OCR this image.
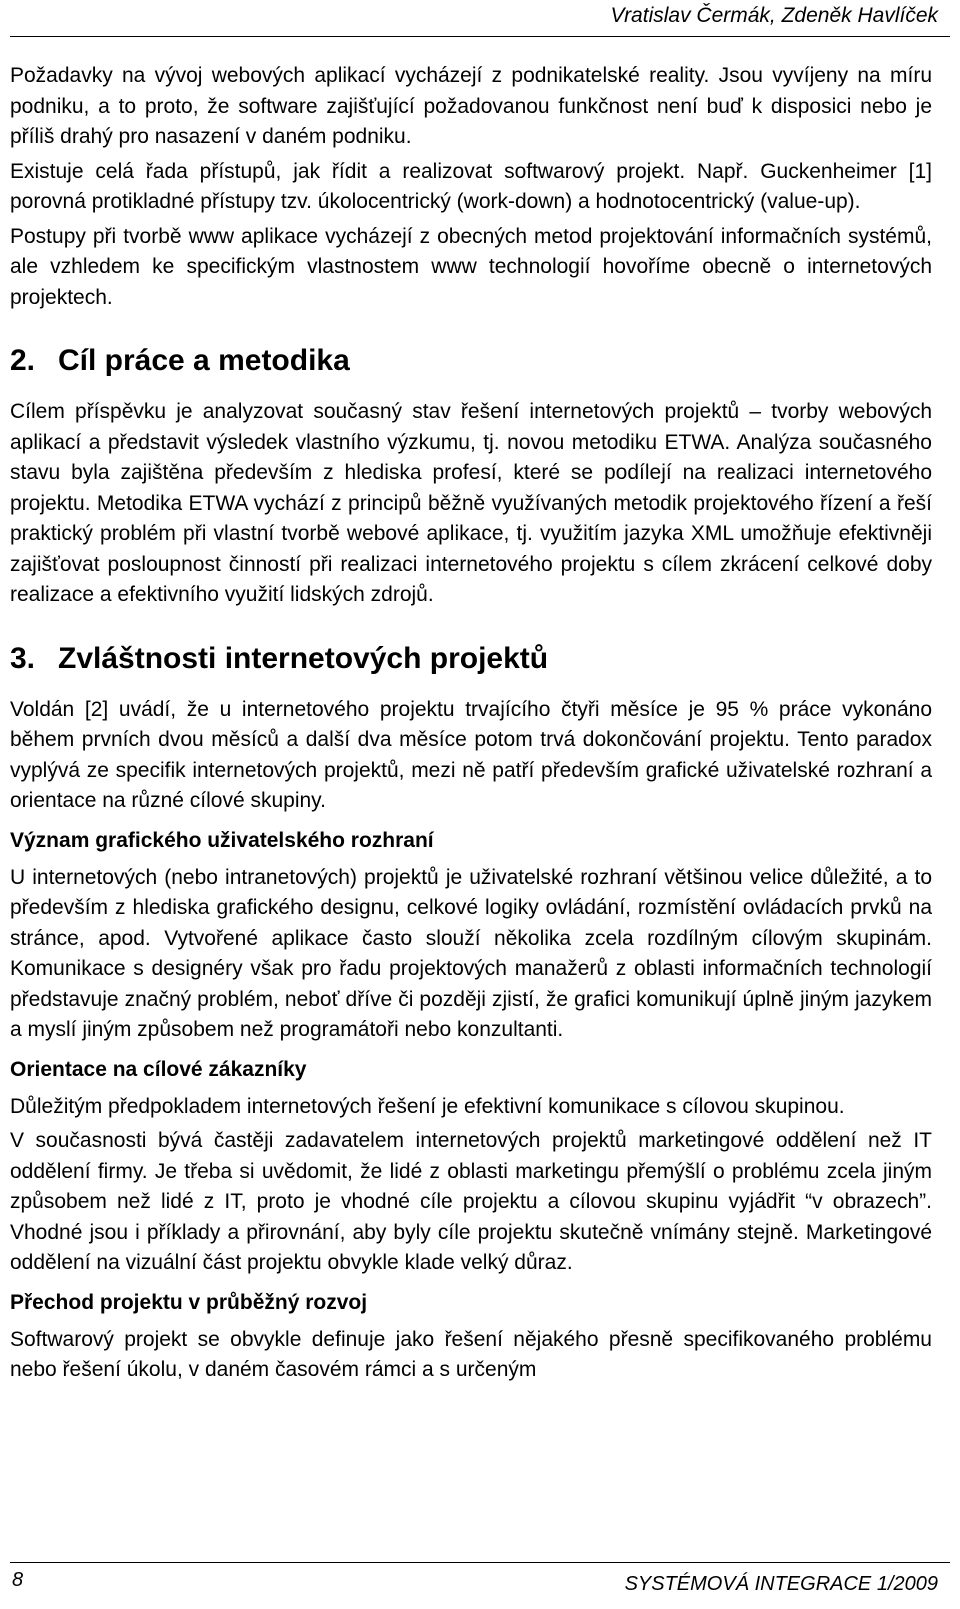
Vratislav Čermák, Zdeněk Havlíček

Požadavky na vývoj webových aplikací vycházejí z podnikatelské reality. Jsou vyvíjeny na míru podniku, a to proto, že software zajišťující požadovanou funkčnost není buď k disposici nebo je příliš drahý pro nasazení v daném podniku.

Existuje celá řada přístupů, jak řídit a realizovat softwarový projekt. Např. Guckenheimer [1] porovná protikladné přístupy tzv. úkolocentrický (work-down) a hodnotocentrický (value-up).

Postupy při tvorbě www aplikace vycházejí z obecných metod projektování informačních systémů, ale vzhledem ke specifickým vlastnostem www technologií hovoříme obecně o internetových projektech.

2. Cíl práce a metodika

Cílem příspěvku je analyzovat současný stav řešení internetových projektů – tvorby webových aplikací a představit výsledek vlastního výzkumu, tj. novou metodiku ETWA. Analýza současného stavu byla zajištěna především z hlediska profesí, které se podílejí na realizaci internetového projektu. Metodika ETWA vychází z principů běžně využívaných metodik projektového řízení a řeší praktický problém při vlastní tvorbě webové aplikace, tj. využitím jazyka XML umožňuje efektivněji zajišťovat posloupnost činností při realizaci internetového projektu s cílem zkrácení celkové doby realizace a efektivního využití lidských zdrojů.

3. Zvláštnosti internetových projektů

Voldán [2] uvádí, že u internetového projektu trvajícího čtyři měsíce je 95 % práce vykonáno během prvních dvou měsíců a další dva měsíce potom trvá dokončování projektu. Tento paradox vyplývá ze specifik internetových projektů, mezi ně patří především grafické uživatelské rozhraní a orientace na různé cílové skupiny.

Význam grafického uživatelského rozhraní

U internetových (nebo intranetových) projektů je uživatelské rozhraní většinou velice důležité, a to především z hlediska grafického designu, celkové logiky ovládání, rozmístění ovládacích prvků na stránce, apod. Vytvořené aplikace často slouží několika zcela rozdílným cílovým skupinám. Komunikace s designéry však pro řadu projektových manažerů z oblasti informačních technologií představuje značný problém, neboť dříve či později zjistí, že grafici komunikují úplně jiným jazykem a myslí jiným způsobem než programátoři nebo konzultanti.

Orientace na cílové zákazníky

Důležitým předpokladem internetových řešení je efektivní komunikace s cílovou skupinou.

V současnosti bývá častěji zadavatelem internetových projektů marketingové oddělení než IT oddělení firmy. Je třeba si uvědomit, že lidé z oblasti marketingu přemýšlí o problému zcela jiným způsobem než lidé z IT, proto je vhodné cíle projektu a cílovou skupinu vyjádřit “v obrazech”. Vhodné jsou i příklady a přirovnání, aby byly cíle projektu skutečně vnímány stejně. Marketingové oddělení na vizuální část projektu obvykle klade velký důraz.

Přechod projektu v průběžný rozvoj

Softwarový projekt se obvykle definuje jako řešení nějakého přesně specifikovaného problému nebo řešení úkolu, v daném časovém rámci a s určeným

8	SYSTÉMOVÁ INTEGRACE 1/2009
